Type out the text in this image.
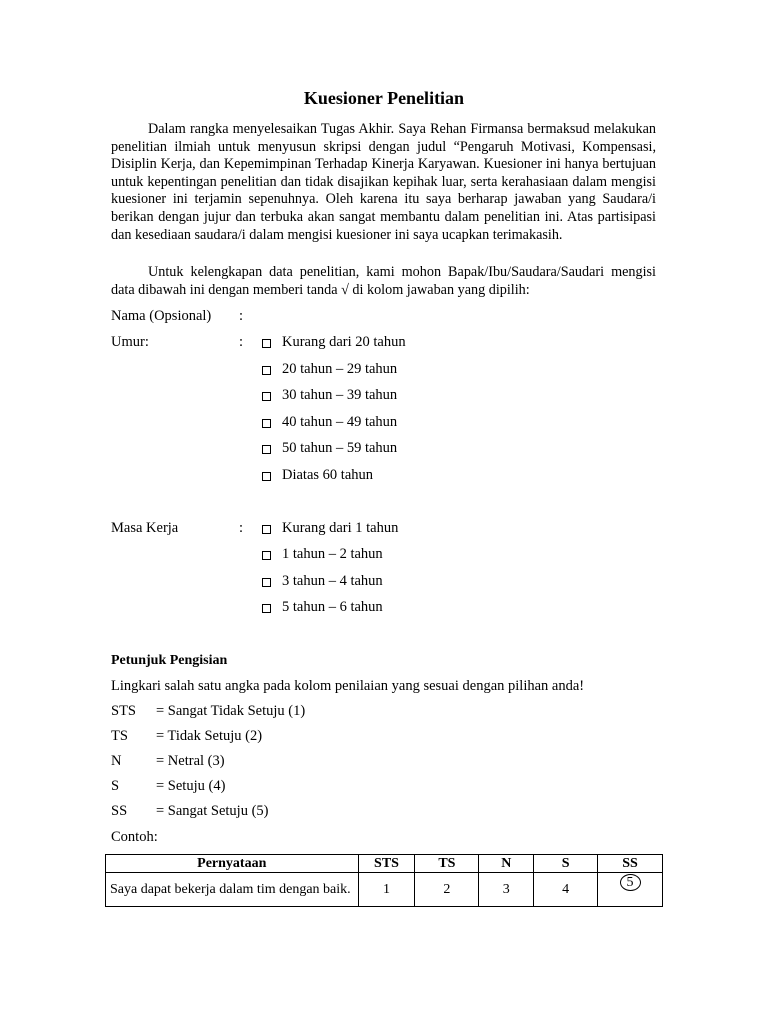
Kuesioner Penelitian

Dalam rangka menyelesaikan Tugas Akhir. Saya Rehan Firmansa bermaksud melakukan penelitian ilmiah untuk menyusun skripsi dengan judul “Pengaruh Motivasi, Kompensasi, Disiplin Kerja, dan Kepemimpinan Terhadap Kinerja Karyawan. Kuesioner ini hanya bertujuan untuk kepentingan penelitian dan tidak disajikan kepihak luar, serta kerahasiaan dalam mengisi kuesioner ini terjamin sepenuhnya. Oleh karena itu saya berharap jawaban yang Saudara/i berikan dengan jujur dan terbuka akan sangat membantu dalam penelitian ini. Atas partisipasi dan kesediaan saudara/i dalam mengisi kuesioner ini saya ucapkan terimakasih.

Untuk kelengkapan data penelitian, kami mohon Bapak/Ibu/Saudara/Saudari mengisi data dibawah ini dengan memberi tanda √ di kolom jawaban yang dipilih:

Nama (Opsional) :
Umur:	:	Kurang dari 20 tahun
20 tahun – 29 tahun
30 tahun – 39 tahun
40 tahun – 49 tahun
50 tahun – 59 tahun
Diatas 60 tahun
Masa Kerja	:	Kurang dari 1 tahun
1 tahun – 2 tahun
3 tahun – 4 tahun
5 tahun – 6 tahun
Petunjuk Pengisian
Lingkari salah satu angka pada kolom penilaian yang sesuai dengan pilihan anda!
STS = Sangat Tidak Setuju (1)
TS = Tidak Setuju (2)
N = Netral (3)
S	= Setuju (4)
SS = Sangat Setuju (5)
Contoh:
Pernyataan	STS	TS	N	S	SS
Saya dapat bekerja dalam tim dengan baik.	1	2	3	4	5
